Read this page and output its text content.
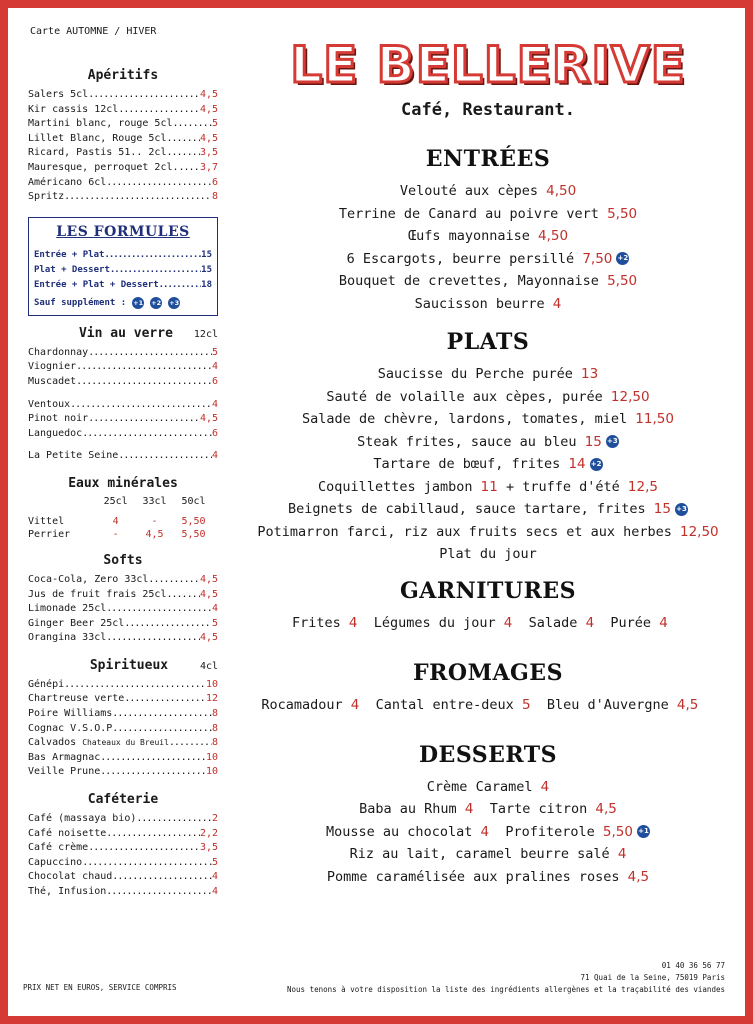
Carte AUTOMNE / HIVER
Apéritifs
Salers 5cl .....	4,5
Kir cassis 12cl .....	4,5
Martini blanc, rouge 5cl .....	5
Lillet Blanc, Rouge 5cl .....	4,5
Ricard, Pastis 51.. 2cl .....	3,5
Mauresque, perroquet 2cl. ..... 3,7
Américano 6cl .....	6
Spritz .....	8
LES FORMULES
Entrée + Plat .....	15
Plat + Dessert .....	15
Entrée + Plat + Dessert .....	18
Sauf supplément : +1 +2 +3
Vin au verre	12cl
Chardonnay .....	5
Viognier .....	4
Muscadet .....	6
Ventoux .....	4
Pinot noir .....	4,5
Languedoc .....	6
La Petite Seine .....	4
Eaux minérales
	25cl	33cl	50cl
Vittel	4	-	5,50
Perrier	-	4,5	5,50
Softs
Coca-Cola, Zero 33cl .....	4,5
Jus de fruit frais 25cl .....	4,5
Limonade 25cl .....	4
Ginger Beer 25cl .....	5
Orangina 33cl .....	4,5
Spiritueux	4cl
Génépi .....	10
Chartreuse verte .....	12
Poire Williams .....	8
Cognac V.S.O.P .....	8
Calvados
Chateaux du Breuil .....	8
Bas Armagnac .....	10
Veille Prune .....	10
Caféterie
Café (massaya bio) .....	2
Café noisette .....	2,2
Café crème .....	3,5
Capuccino .....	5
Chocolat chaud .....	4
Thé, Infusion .....	4
LE BELLERIVE
Café, Restaurant.
ENTRÉES
Velouté aux cèpes 4,50
Terrine de Canard au poivre vert 5,50
Œufs mayonnaise 4,50
6 Escargots, beurre persillé 7,50 +2
Bouquet de crevettes, Mayonnaise 5,50
Saucisson beurre 4
PLATS
Saucisse du Perche purée 13
Sauté de volaille aux cèpes, purée 12,50
Salade de chèvre, lardons, tomates, miel 11,50
Steak frites, sauce au bleu 15 +3
Tartare de bœuf, frites 14 +2
Coquillettes jambon 11 + truffe d'été 12,5
Beignets de cabillaud, sauce tartare, frites 15 +3
Potimarron farci, riz aux fruits secs et aux herbes 12,50
Plat du jour
GARNITURES
Frites 4 Légumes du jour 4 Salade 4 Purée 4
FROMAGES
Rocamadour 4 Cantal entre-deux 5 Bleu d'Auvergne 4,5
DESSERTS
Crème Caramel 4
Baba au Rhum 4 Tarte citron 4,5
Mousse au chocolat 4 Profiterole 5,50 +1
Riz au lait, caramel beurre salé 4
Pomme caramélisée aux pralines roses 4,5
PRIX NET EN EUROS, SERVICE COMPRIS
01 40 36 56 77
71 Quai de la Seine, 75019 Paris
Nous tenons à votre disposition la liste des ingrédients allergènes et la traçabilité des viandes
